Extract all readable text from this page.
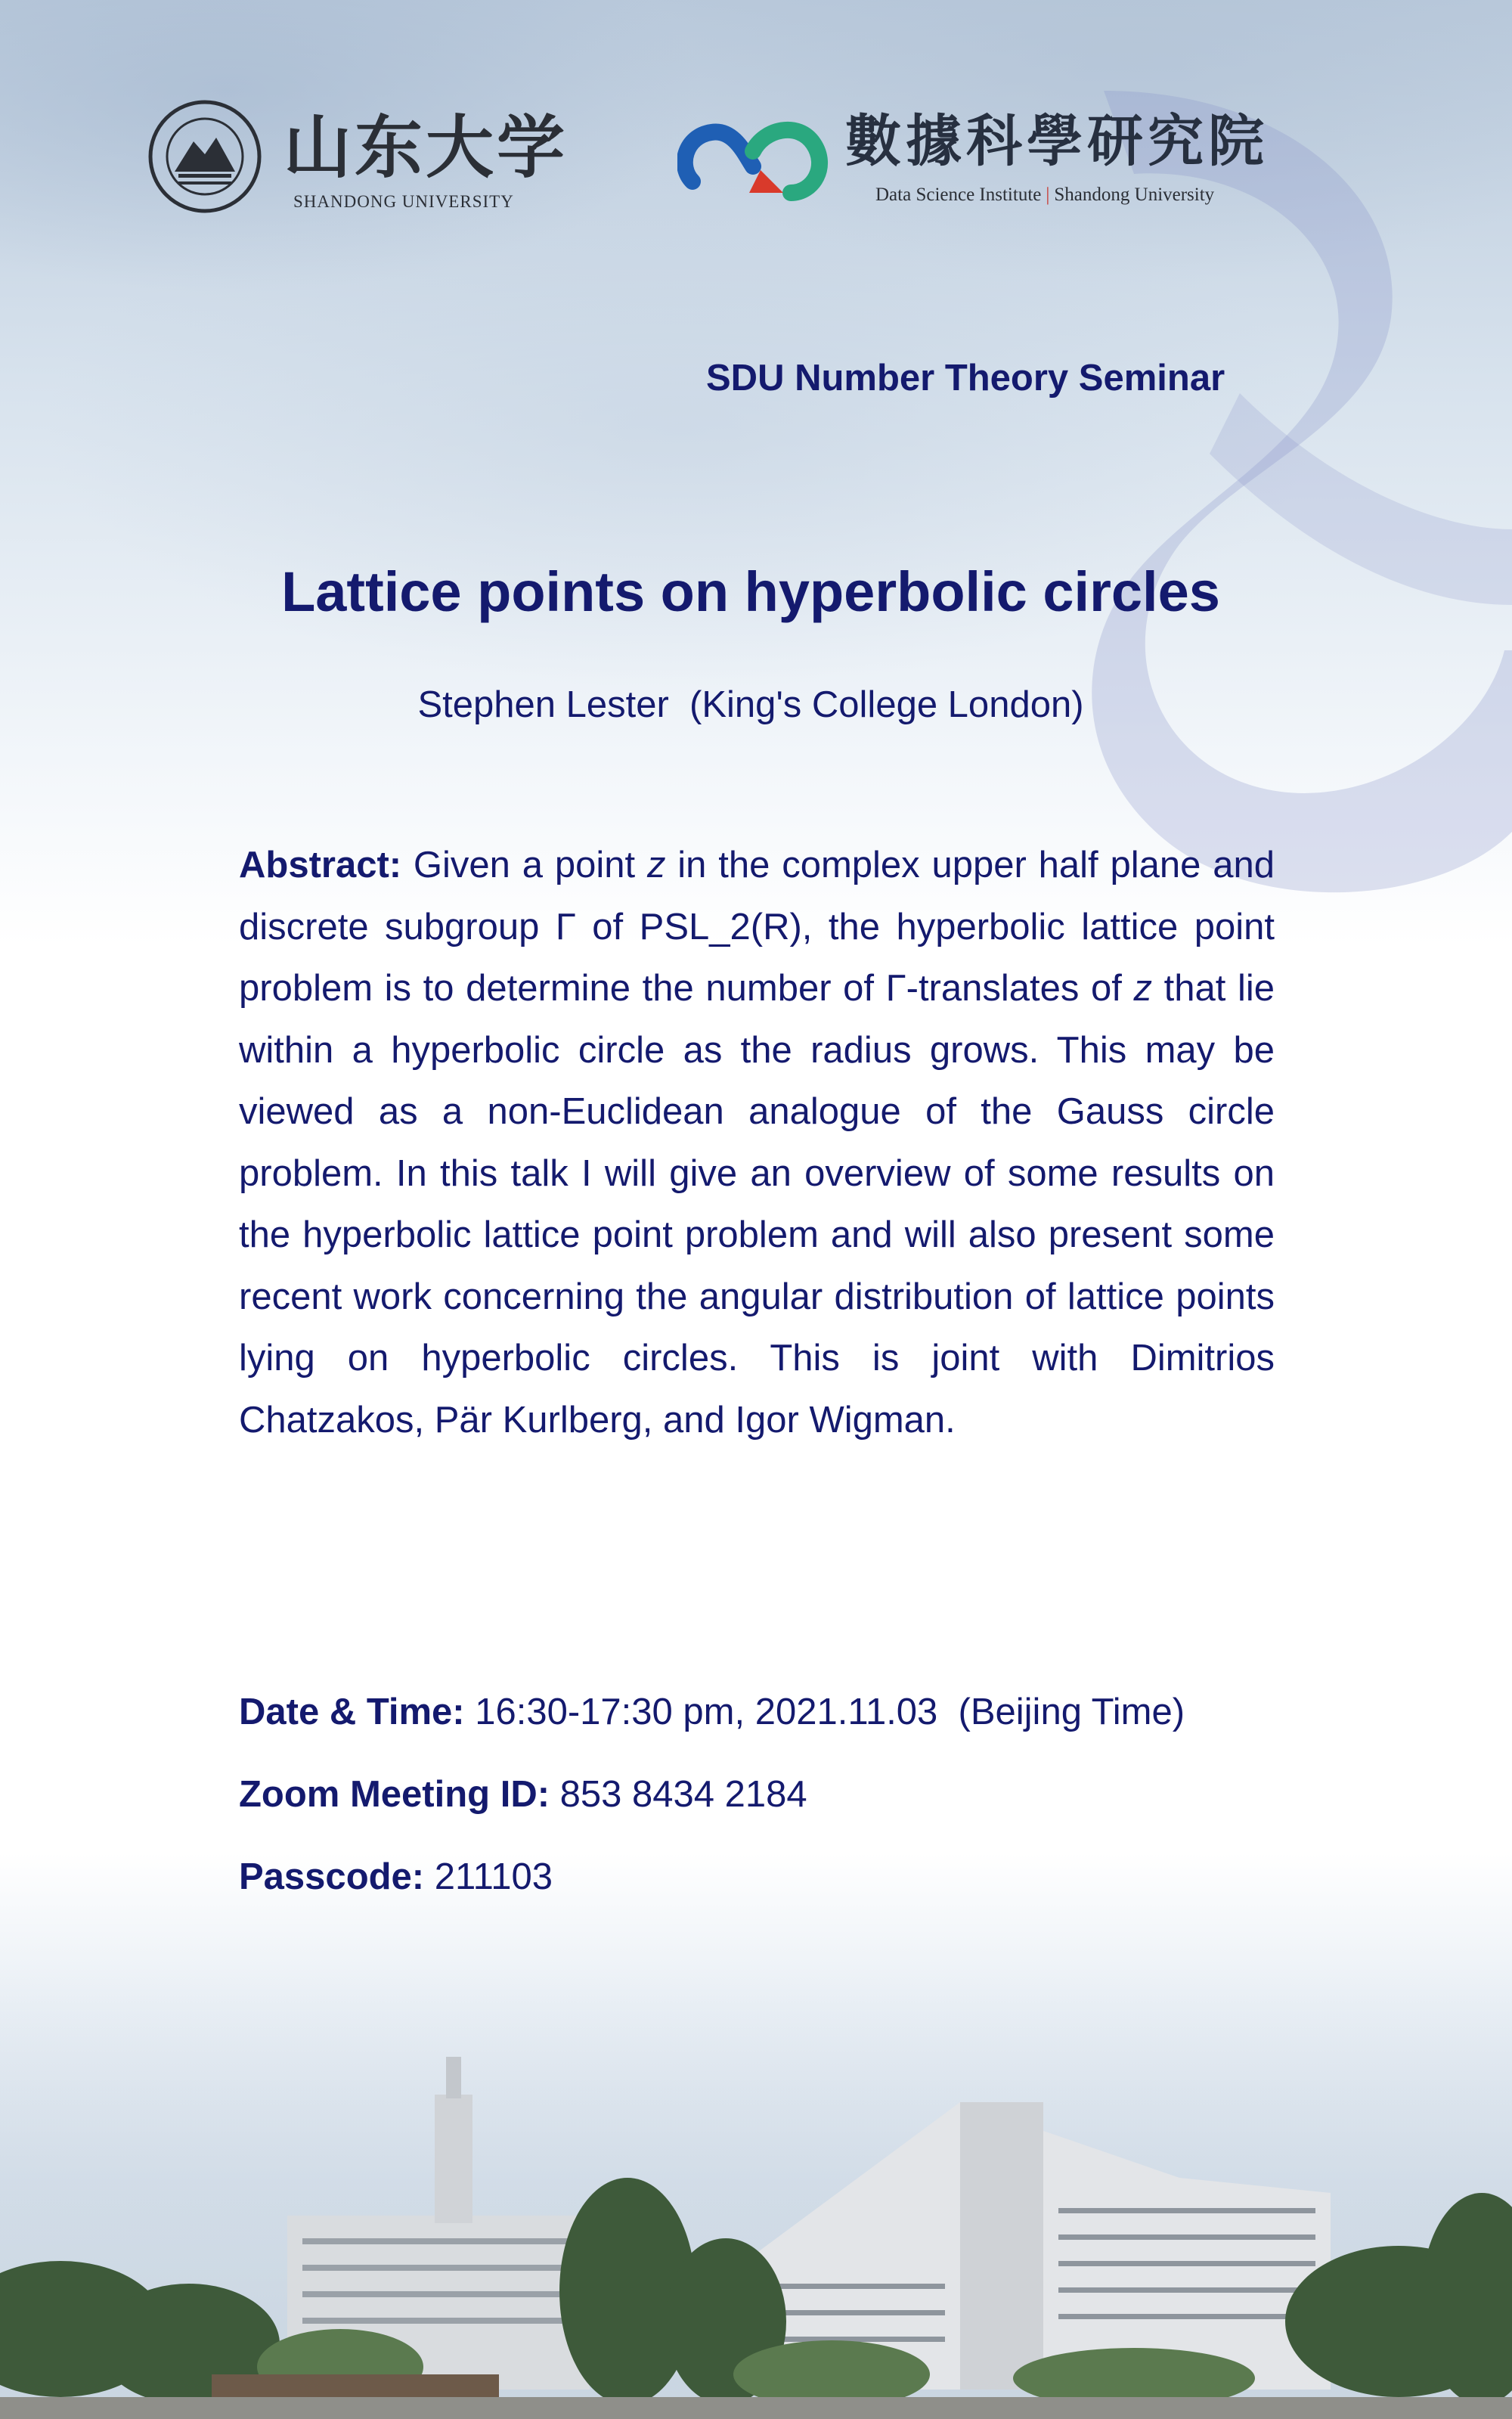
山东大学
SHANDONG UNIVERSITY
數據科學研究院
Data Science Institute | Shandong University
SDU Number Theory Seminar
Lattice points on hyperbolic circles
Stephen Lester  (King's College London)
Abstract: Given a point z in the complex upper half plane and discrete subgroup Γ of PSL_2(R), the hyperbolic lattice point problem is to determine the number of Γ-translates of z that lie within a hyperbolic circle as the radius grows. This may be viewed as a non-Euclidean analogue of the Gauss circle problem. In this talk I will give an overview of some results on the hyperbolic lattice point problem and will also present some recent work concerning the angular distribution of lattice points lying on hyperbolic circles. This is joint with Dimitrios Chatzakos, Pär Kurlberg, and Igor Wigman.
Date & Time: 16:30-17:30 pm, 2021.11.03  (Beijing Time)
Zoom Meeting ID: 853 8434 2184
Passcode: 211103
